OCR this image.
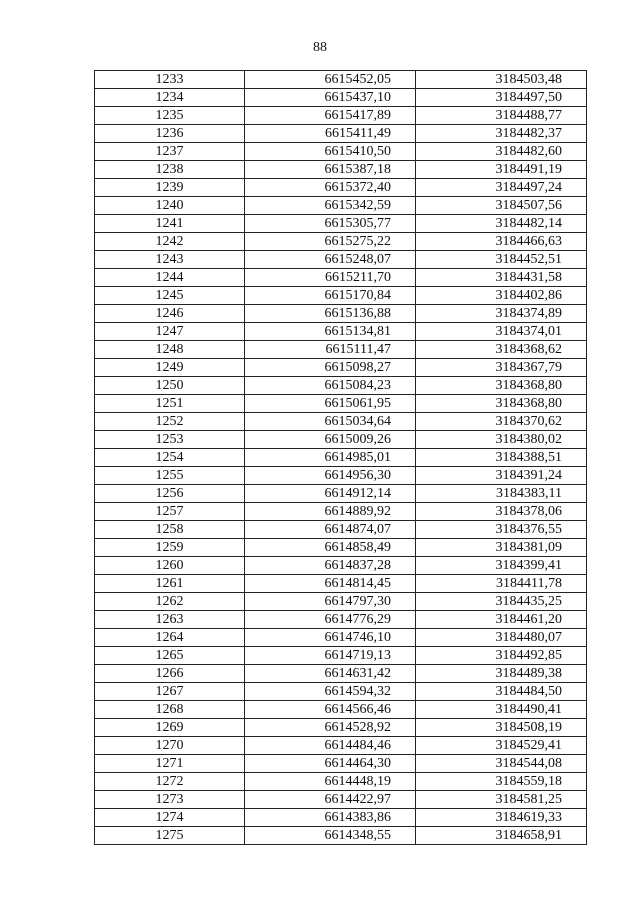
88
1233	6615452,05	3184503,48
1234	6615437,10	3184497,50
1235	6615417,89	3184488,77
1236	6615411,49	3184482,37
1237	6615410,50	3184482,60
1238	6615387,18	3184491,19
1239	6615372,40	3184497,24
1240	6615342,59	3184507,56
1241	6615305,77	3184482,14
1242	6615275,22	3184466,63
1243	6615248,07	3184452,51
1244	6615211,70	3184431,58
1245	6615170,84	3184402,86
1246	6615136,88	3184374,89
1247	6615134,81	3184374,01
1248	6615111,47	3184368,62
1249	6615098,27	3184367,79
1250	6615084,23	3184368,80
1251	6615061,95	3184368,80
1252	6615034,64	3184370,62
1253	6615009,26	3184380,02
1254	6614985,01	3184388,51
1255	6614956,30	3184391,24
1256	6614912,14	3184383,11
1257	6614889,92	3184378,06
1258	6614874,07	3184376,55
1259	6614858,49	3184381,09
1260	6614837,28	3184399,41
1261	6614814,45	3184411,78
1262	6614797,30	3184435,25
1263	6614776,29	3184461,20
1264	6614746,10	3184480,07
1265	6614719,13	3184492,85
1266	6614631,42	3184489,38
1267	6614594,32	3184484,50
1268	6614566,46	3184490,41
1269	6614528,92	3184508,19
1270	6614484,46	3184529,41
1271	6614464,30	3184544,08
1272	6614448,19	3184559,18
1273	6614422,97	3184581,25
1274	6614383,86	3184619,33
1275	6614348,55	3184658,91
